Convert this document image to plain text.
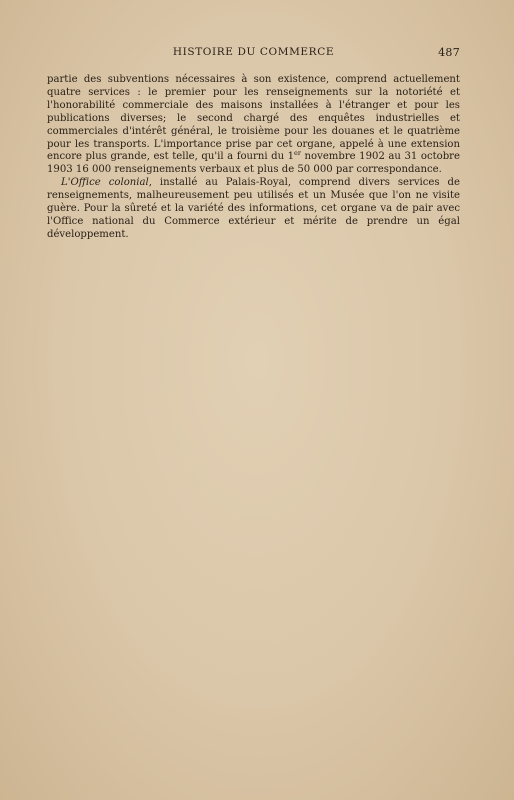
HISTOIRE DU COMMERCE	487

partie des subventions nécessaires à son existence, comprend actuellement quatre services : le premier pour les renseignements sur la notoriété et l'honorabilité commerciale des maisons installées à l'étranger et pour les publications diverses; le second chargé des enquêtes industrielles et commerciales d'intérêt général, le troisième pour les douanes et le quatrième pour les transports. L'importance prise par cet organe, appelé à une extension encore plus grande, est telle, qu'il a fourni du 1er novembre 1902 au 31 octobre 1903 16 000 renseignements verbaux et plus de 50 000 par correspondance.

L'Office colonial, installé au Palais-Royal, comprend divers services de renseignements, malheureusement peu utilisés et un Musée que l'on ne visite guère. Pour la sûreté et la variété des informations, cet organe va de pair avec l'Office national du Commerce extérieur et mérite de prendre un égal développement.
